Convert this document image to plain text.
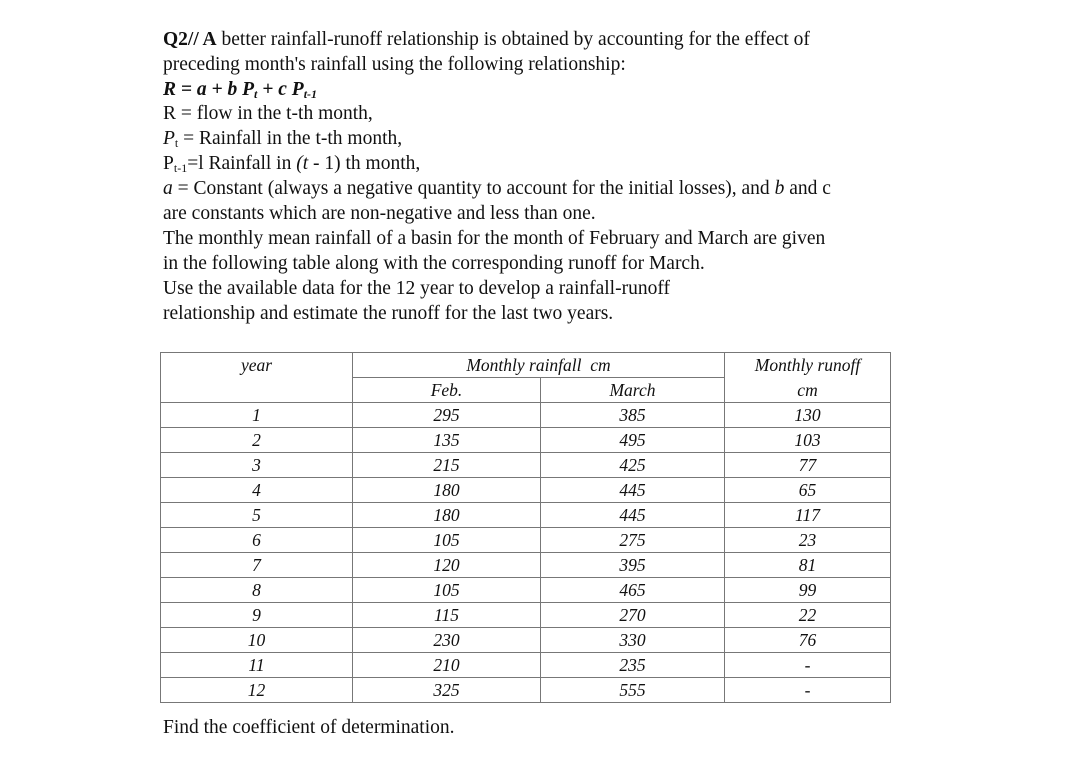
Q2// A better rainfall-runoff relationship is obtained by accounting for the effect of
preceding month's rainfall using the following relationship:
R = a + b $P_t + c$ $P_{t-1}$
R = flow in the t-th month,
$P_t$ = Rainfall in the t-th month,
$P_{t-1}=l$ Rainfall in (t - 1) th month,
a = Constant (always a negative quantity to account for the initial losses), and b and c
are constants which are non-negative and less than one.
The monthly mean rainfall of a basin for the month of February and March are given
in the following table along with the corresponding runoff for March.
Use the available data for the 12 year to develop a rainfall-runoff
relationship and estimate the runoff for the last two years.
year	Monthly rainfall  cm		Monthly runoff
	Feb.	March	cm
1	295	385	130
2	135	495	103
3	215	425	77
4	180	445	65
5	180	445	117
6	105	275	23
7	120	395	81
8	105	465	99
9	115	270	22
10	230	330	76
11	210	235	-
12	325	555	-
Find the coefficient of determination.
